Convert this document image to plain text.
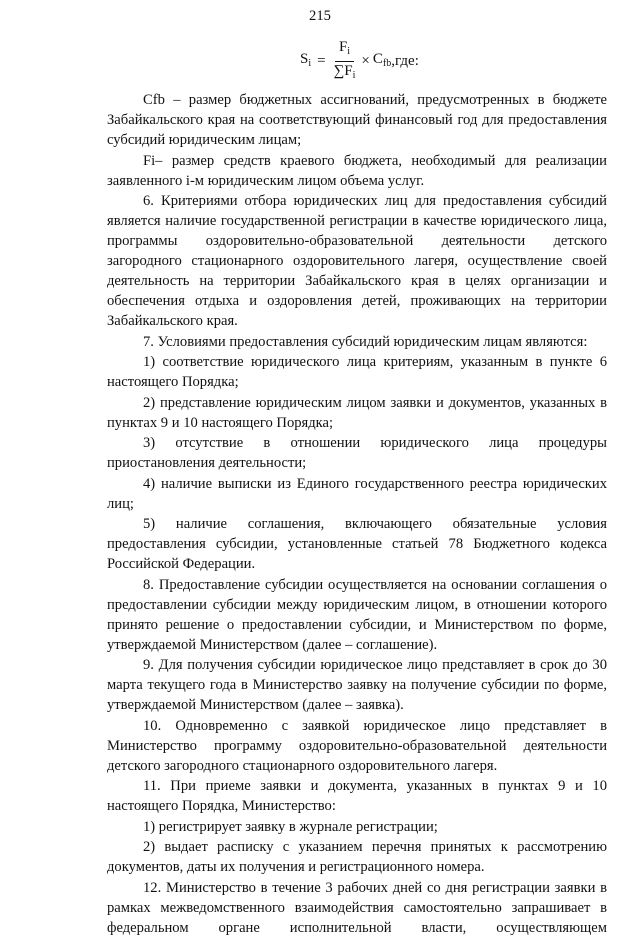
215
$S_i = \frac{F_i}{\sum F_i} \times C_{fb}$ ,где:

Сfb – размер бюджетных ассигнований, предусмотренных в бюджете Забайкальского края на соответствующий финансовый год для предоставления субсидий юридическим лицам;

Fi– размер средств краевого бюджета, необходимый для реализации заявленного i-м юридическим лицом объема услуг.

6. Критериями отбора юридических лиц для предоставления субсидий является наличие государственной регистрации в качестве юридического лица, программы оздоровительно-образовательной деятельности детского загородного стационарного оздоровительного лагеря, осуществление своей деятельность на территории Забайкальского края в целях организации и обеспечения отдыха и оздоровления детей, проживающих на территории Забайкальского края.

7. Условиями предоставления субсидий юридическим лицам являются:

1) соответствие юридического лица критериям, указанным в пункте 6 настоящего Порядка;

2) представление юридическим лицом заявки и документов, указанных в пунктах 9 и 10 настоящего Порядка;

3) отсутствие в отношении юридического лица процедуры приостановления деятельности;

4) наличие выписки из Единого государственного реестра юридических лиц;

5) наличие соглашения, включающего обязательные условия предоставления субсидии, установленные статьей 78 Бюджетного кодекса Российской Федерации.

8. Предоставление субсидии осуществляется на основании соглашения о предоставлении субсидии между юридическим лицом, в отношении которого принято решение о предоставлении субсидии, и Министерством по форме, утверждаемой Министерством (далее – соглашение).

9. Для получения субсидии юридическое лицо представляет в срок до 30 марта текущего года в Министерство заявку на получение субсидии по форме, утверждаемой Министерством (далее – заявка).

10. Одновременно с заявкой юридическое лицо представляет в Министерство программу оздоровительно-образовательной деятельности детского загородного стационарного оздоровительного лагеря.

11. При приеме заявки и документа, указанных в пунктах 9 и 10 настоящего Порядка, Министерство:

1) регистрирует заявку в журнале регистрации;

2) выдает расписку с указанием перечня принятых к рассмотрению документов, даты их получения и регистрационного номера.

12. Министерство в течение 3 рабочих дней со дня регистрации заявки в рамках межведомственного взаимодействия самостоятельно запрашивает в федеральном органе исполнительной власти, осуществляющем
